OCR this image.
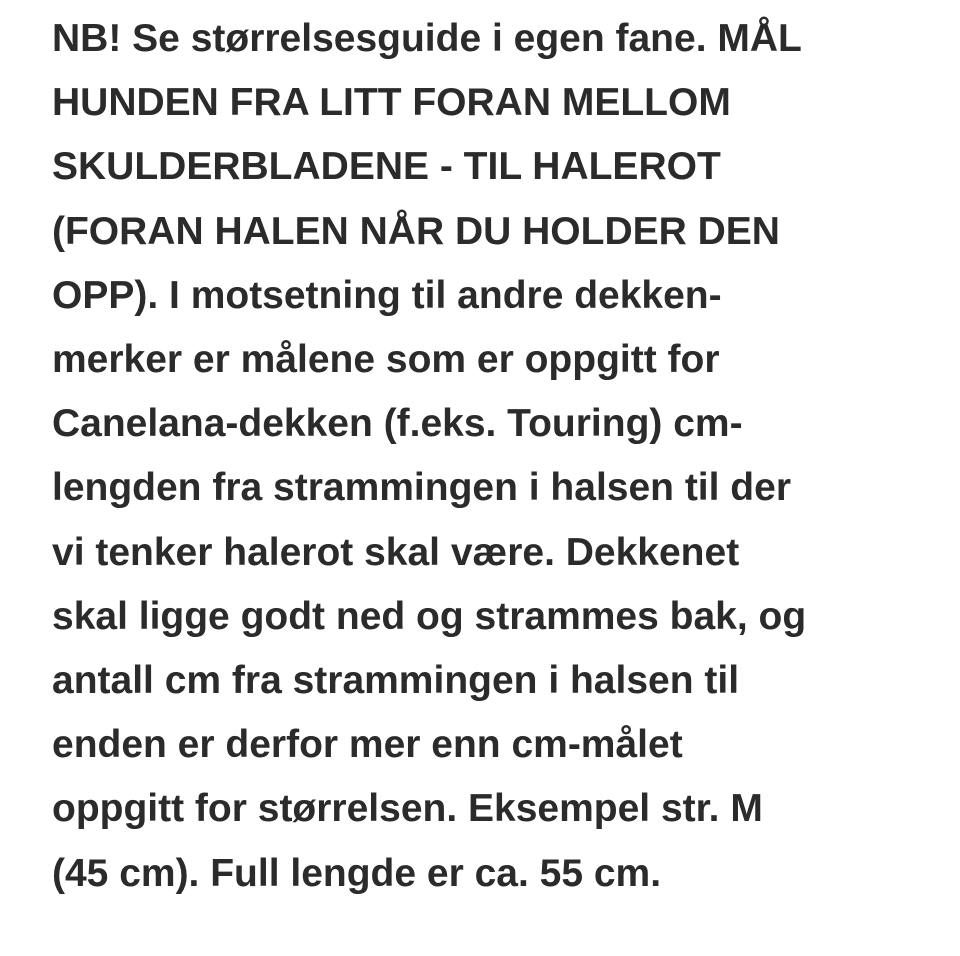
NB! Se størrelsesguide i egen fane. MÅL
HUNDEN FRA LITT FORAN MELLOM
SKULDERBLADENE - TIL HALEROT
(FORAN HALEN NÅR DU HOLDER DEN
OPP). I motsetning til andre dekken-
merker er målene som er oppgitt for
Canelana-dekken (f.eks. Touring) cm-
lengden fra strammingen i halsen til der
vi tenker halerot skal være. Dekkenet
skal ligge godt ned og strammes bak, og
antall cm fra strammingen i halsen til
enden er derfor mer enn cm-målet
oppgitt for størrelsen. Eksempel str. M
(45 cm). Full lengde er ca. 55 cm.
